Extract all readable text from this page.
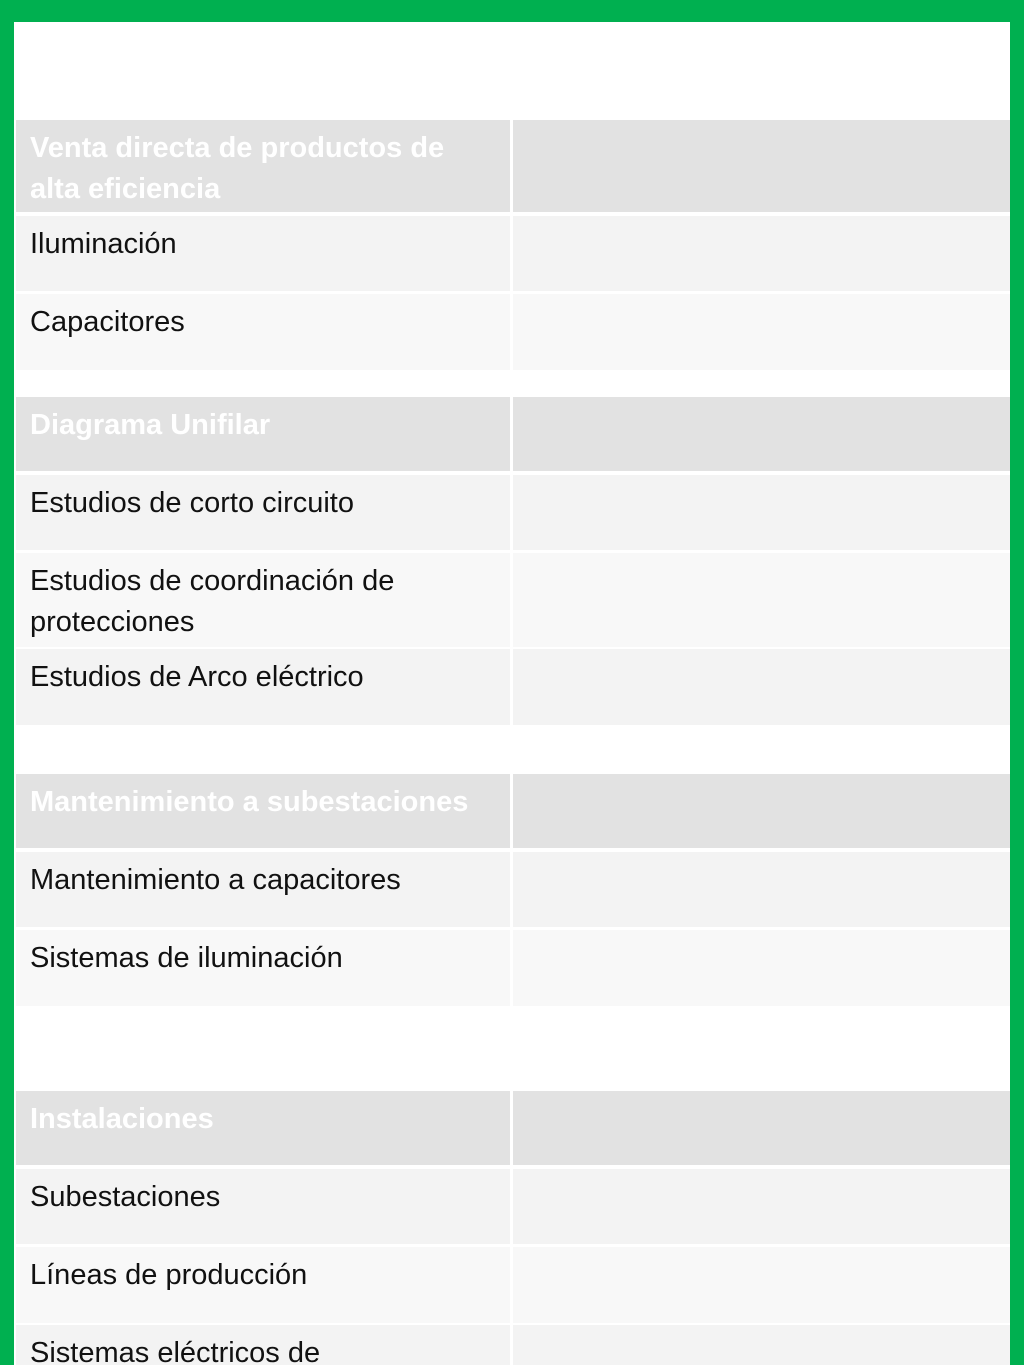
Venta directa de productos de alta eficiencia
Iluminación
Capacitores
Diagrama Unifilar
Estudios de corto circuito
Estudios de coordinación de protecciones
Estudios de Arco eléctrico
Mantenimiento a subestaciones
Mantenimiento a capacitores
Sistemas de iluminación
Instalaciones
Subestaciones
Líneas de producción
Sistemas eléctricos de
